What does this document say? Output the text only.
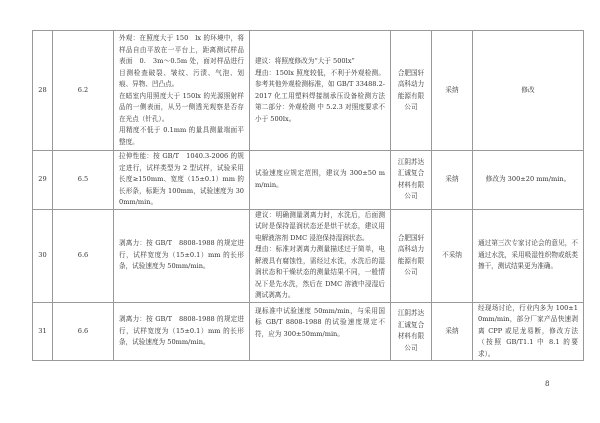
28	6.2	外观：在照度大于 150　lx 的环境中，将样品自由平放在一平台上，距离测试样品表面　0.　3m～0.5m 处，面对样品进行目测检查破裂、皱纹、污渍、气泡、划痕、异物、凹凸点。
在暗室内用照度大于 150lx 的光源照射样品的一侧表面，从另一侧透光观察是否存在光点（针孔）。
用精度不低于 0.1mm 的量具测量端面平整度。	建议：将照度修改为“大于 500lx”
理由：150lx 照度较低，不利于外观检测。参考其他外观检测标准，如 GB/T 33488.2-2017 化工用塑料焊接制承压设备检测方法　第二部分：外观检测 中 5.2.3 对照度要求不小于 500lx。	合肥国轩高科动力能源有限公司	采纳	修改
29	6.5	拉伸性能：按 GB/T　1040.3-2006 的规定进行，试样类型为 2 型试样，试验采用长度≥150mm、宽度（15±0.1）mm 的长形条，标距为 100mm，试验速度为 300mm/min。	试验速度应规定范围，建议为 300±50 mm/min。	江阴苏达汇诚复合材料有限公司	采纳	修改为 300±20 mm/min。
30	6.6	剥离力：按 GB/T　8808-1988 的规定进行，试样宽度为（15±0.1）mm 的长形条，试验速度为 50mm/min。	建议：明确测量剥离力时，水洗后，后面测试时是保持湿润状态还是烘干状态，建议用电解液溶剂 DMC 浸泡保持湿润状态。
理由：标准对剥离力测量描述过于简单，电解液具有腐蚀性，需经过水洗，水洗后的湿润状态和干燥状态的测量结果不同，一般情况下是先水洗，然后在 DMC 溶液中浸湿后测试剥离力。	合肥国轩高科动力能源有限公司	不采纳	通过第三次专家讨论会的意见，不通过水洗，采用吸湿性织物或纸类擦干，测试结果更为准确。
31	6.6	剥离力：按 GB/T　8808-1988 的规定进行，试样宽度为（15±0.1）mm 的长形条，试验速度为 50mm/min。	现标准中试验速度 50mm/min，与采用国标 GB/T 8808-1988 的试验速度规定不符，应为 300±50mm/min。	江阴苏达汇诚复合材料有限公司	采纳	经现场讨论，行业内多为 100±10mm/min，部分厂家产品快速剥离 CPP 或尼龙易断，修改方法（按照 GB/T1.1 中 8.1 的要求）。
8
